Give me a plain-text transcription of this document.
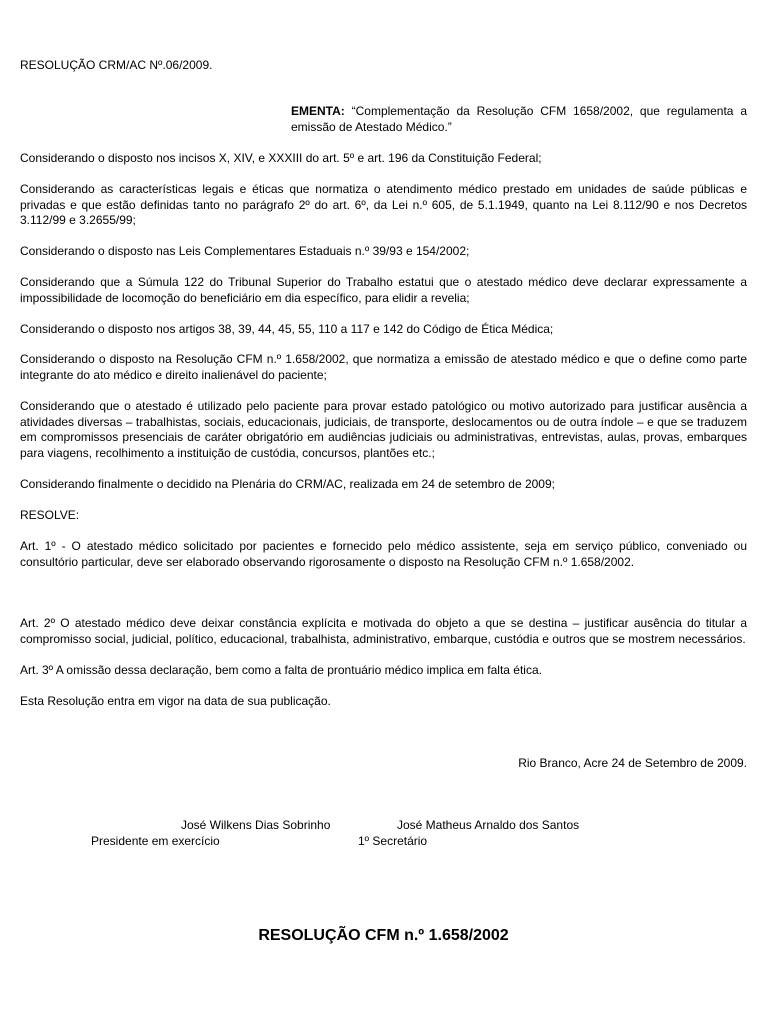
RESOLUÇÃO CRM/AC Nº.06/2009.

EMENTA: “Complementação da Resolução CFM 1658/2002, que regulamenta a emissão de Atestado Médico.”

Considerando o disposto nos incisos X, XIV, e XXXIII do art. 5º e art. 196 da Constituição Federal;

Considerando as características legais e éticas que normatiza o atendimento médico prestado em unidades de saúde públicas e privadas e que estão definidas tanto no parágrafo 2º do art. 6º, da Lei n.º 605, de 5.1.1949, quanto na Lei 8.112/90 e nos Decretos 3.112/99 e 3.2655/99;

Considerando o disposto nas Leis Complementares Estaduais n.º 39/93 e 154/2002;

Considerando que a Súmula 122 do Tribunal Superior do Trabalho estatui que o atestado médico deve declarar expressamente a impossibilidade de locomoção do beneficiário em dia específico, para elidir a revelia;

Considerando o disposto nos artigos 38, 39, 44, 45, 55, 110 a 117 e 142 do Código de Ética Médica;

Considerando o disposto na Resolução CFM n.º 1.658/2002, que normatiza a emissão de atestado médico e que o define como parte integrante do ato médico e direito inalienável do paciente;

Considerando que o atestado é utilizado pelo paciente para provar estado patológico ou motivo autorizado para justificar ausência a atividades diversas – trabalhistas, sociais, educacionais, judiciais, de transporte, deslocamentos ou de outra índole – e que se traduzem em compromissos presenciais de caráter obrigatório em audiências judiciais ou administrativas, entrevistas, aulas, provas, embarques para viagens, recolhimento a instituição de custódia, concursos, plantões etc.;

Considerando finalmente o decidido na Plenária do CRM/AC, realizada em 24 de setembro de 2009;

RESOLVE:

Art. 1º - O atestado médico solicitado por pacientes e fornecido pelo médico assistente, seja em serviço público, conveniado ou consultório particular, deve ser elaborado observando rigorosamente o disposto na Resolução CFM n.º 1.658/2002.

Art. 2º O atestado médico deve deixar constância explícita e motivada do objeto a que se destina – justificar ausência do titular a compromisso social, judicial, político, educacional, trabalhista, administrativo, embarque, custódia e outros que se mostrem necessários.

Art. 3º A omissão dessa declaração, bem como a falta de prontuário médico implica em falta ética.

Esta Resolução entra em vigor na data de sua publicação.

Rio Branco, Acre 24 de Setembro de 2009.

José Wilkens Dias Sobrinho
Presidente em exercício
José Matheus Arnaldo dos Santos
1º Secretário
RESOLUÇÃO CFM n.º 1.658/2002
